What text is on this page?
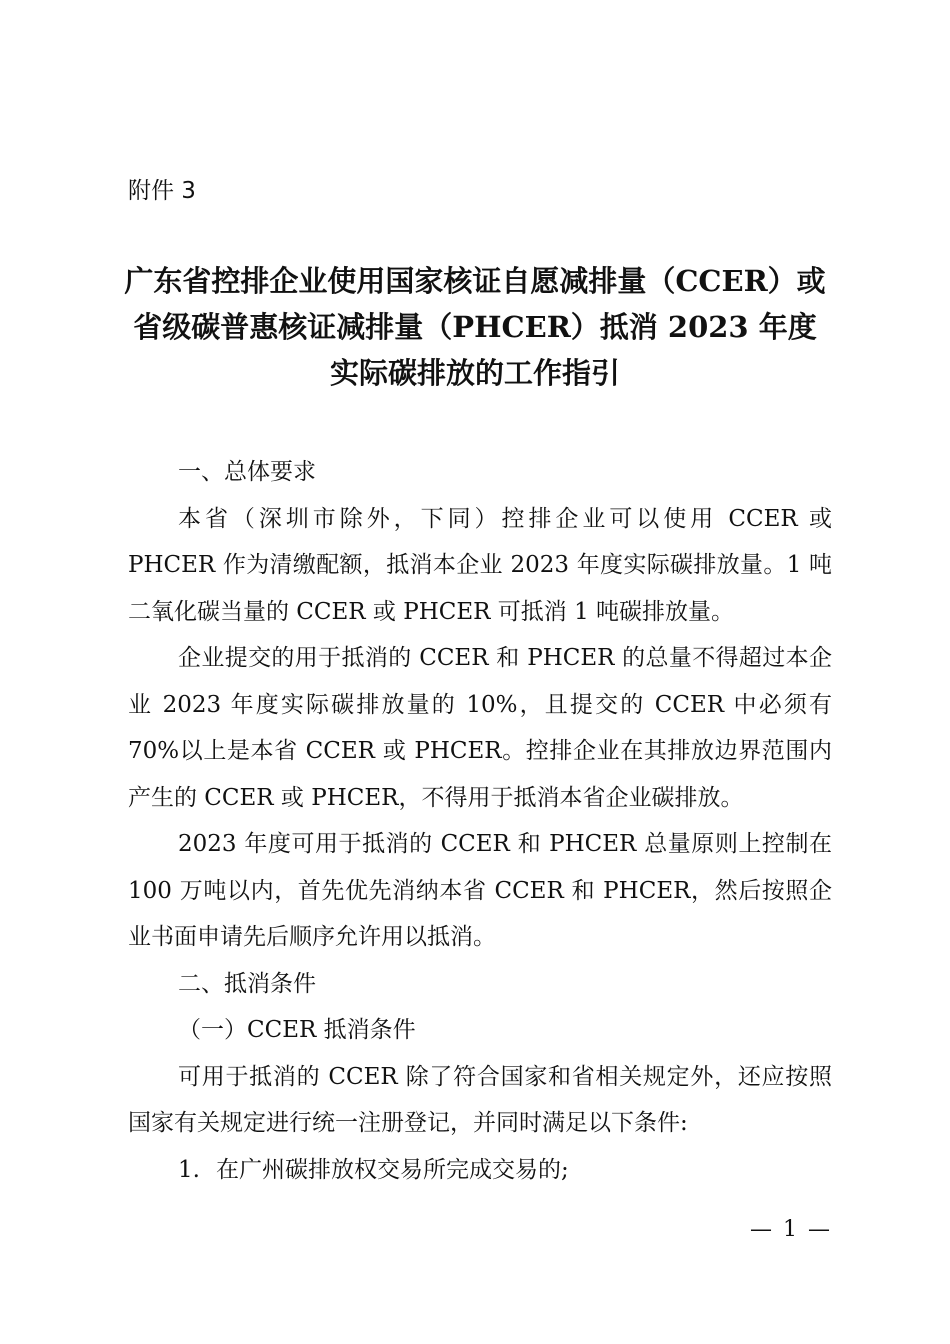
附件 3

广东省控排企业使用国家核证自愿减排量（CCER）或
省级碳普惠核证减排量（PHCER）抵消 2023 年度
实际碳排放的工作指引
一、总体要求

本省（深圳市除外，下同）控排企业可以使用 CCER 或 PHCER 作为清缴配额，抵消本企业 2023 年度实际碳排放量。1 吨二氧化碳当量的 CCER 或 PHCER 可抵消 1 吨碳排放量。

企业提交的用于抵消的 CCER 和 PHCER 的总量不得超过本企业 2023 年度实际碳排放量的 10%，且提交的 CCER 中必须有 70%以上是本省 CCER 或 PHCER。控排企业在其排放边界范围内产生的 CCER 或 PHCER，不得用于抵消本省企业碳排放。

2023 年度可用于抵消的 CCER 和 PHCER 总量原则上控制在 100 万吨以内，首先优先消纳本省 CCER 和 PHCER，然后按照企业书面申请先后顺序允许用以抵消。

二、抵消条件

（一）CCER 抵消条件

可用于抵消的 CCER 除了符合国家和省相关规定外，还应按照国家有关规定进行统一注册登记，并同时满足以下条件:

1. 在广州碳排放权交易所完成交易的;

— 1 —
